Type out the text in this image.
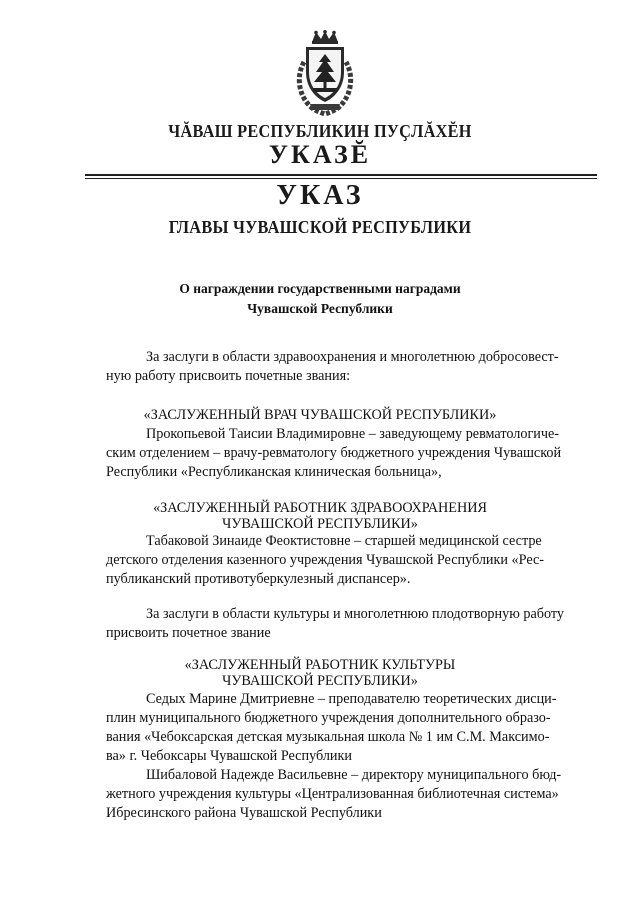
ЧĂВАШ РЕСПУБЛИКИН ПУҪЛĂХĔН
УКАЗĔ
УКАЗ
ГЛАВЫ ЧУВАШСКОЙ РЕСПУБЛИКИ
О награждении государственными наградами
Чувашской Республики
За заслуги в области здравоохранения и многолетнюю добросовест-
ную работу присвоить почетные звания:
«ЗАСЛУЖЕННЫЙ ВРАЧ ЧУВАШСКОЙ РЕСПУБЛИКИ»
Прокопьевой Таисии Владимировне – заведующему ревматологиче-
ским отделением – врачу-ревматологу бюджетного учреждения Чувашской
Республики «Республиканская клиническая больница»,
«ЗАСЛУЖЕННЫЙ РАБОТНИК ЗДРАВООХРАНЕНИЯ
ЧУВАШСКОЙ РЕСПУБЛИКИ»
Табаковой Зинаиде Феоктистовне – старшей медицинской сестре
детского отделения казенного учреждения Чувашской Республики «Рес-
публиканский противотуберкулезный диспансер».
За заслуги в области культуры и многолетнюю плодотворную работу
присвоить почетное звание
«ЗАСЛУЖЕННЫЙ РАБОТНИК КУЛЬТУРЫ
ЧУВАШСКОЙ РЕСПУБЛИКИ»
Седых Марине Дмитриевне – преподавателю теоретических дисци-
плин муниципального бюджетного учреждения дополнительного образо-
вания «Чебоксарская детская музыкальная школа № 1 им С.М. Максимо-
ва» г. Чебоксары Чувашской Республики
Шибаловой Надежде Васильевне – директору муниципального бюд-
жетного учреждения культуры «Централизованная библиотечная система»
Ибресинского района Чувашской Республики
